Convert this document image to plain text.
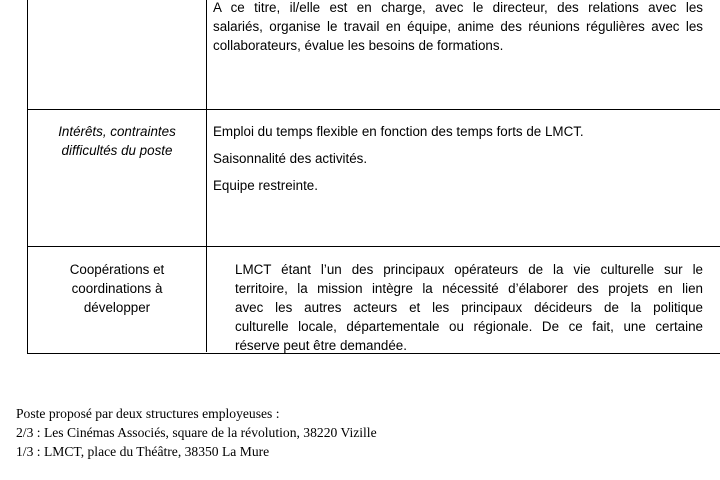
A ce titre, il/elle est en charge, avec le directeur, des relations avec les
salariés, organise le travail en équipe, anime des réunions régulières avec les
collaborateurs, évalue les besoins de formations.
Intérêts, contraintes
difficultés du poste

Emploi du temps flexible en fonction des temps forts de LMCT.

Saisonnalité des activités.

Equipe restreinte.

Coopérations et
coordinations à
développer
LMCT étant l’un des principaux opérateurs de la vie culturelle sur le
territoire, la mission intègre la nécessité d’élaborer des projets en lien
avec les autres acteurs et les principaux décideurs de la politique
culturelle locale, départementale ou régionale. De ce fait, une certaine
réserve peut être demandée.
Poste proposé par deux structures employeuses :
2/3 : Les Cinémas Associés, square de la révolution, 38220 Vizille
1/3 : LMCT, place du Théâtre, 38350 La Mure
